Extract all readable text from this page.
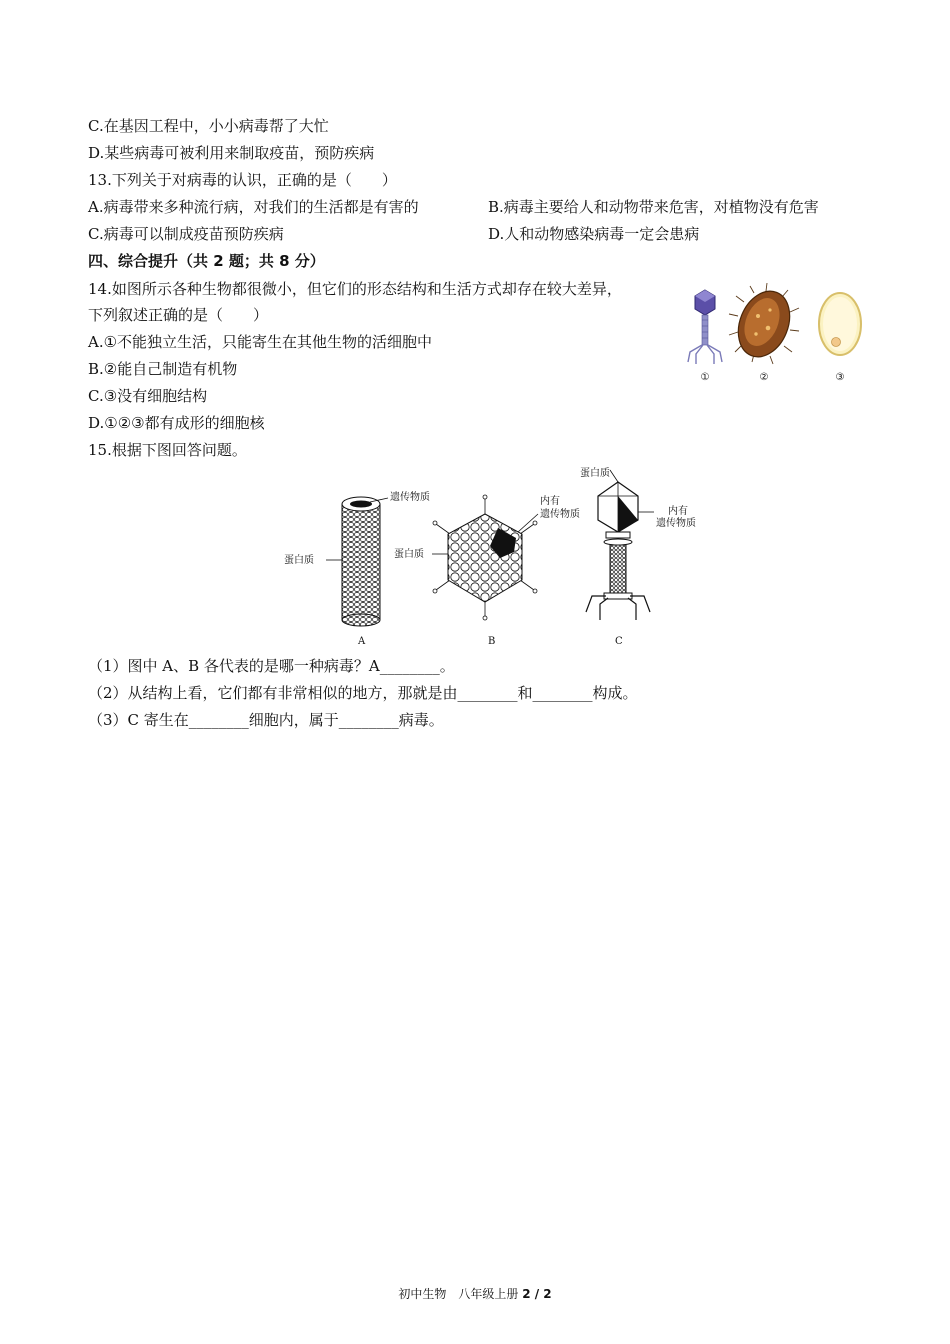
C.在基因工程中，小小病毒帮了大忙
D.某些病毒可被利用来制取疫苗，预防疾病
13.下列关于对病毒的认识，正确的是（　　）
A.病毒带来多种流行病，对我们的生活都是有害的	B.病毒主要给人和动物带来危害，对植物没有危害
C.病毒可以制成疫苗预防疾病	D.人和动物感染病毒一定会患病
四、综合提升（共 2 题；共 8 分）
14.如图所示各种生物都很微小，但它们的形态结构和生活方式却存在较大差异，
下列叙述正确的是（　　）
A.①不能独立生活，只能寄生在其他生物的活细胞中
B.②能自己制造有机物
C.③没有细胞结构
D.①②③都有成形的细胞核
①	②	③
15.根据下图回答问题。
遗传物质
蛋白质
A
内有
遗传物质
蛋白质
B
蛋白质
内有
遗传物质
C
（1）图中 A、B 各代表的是哪一种病毒？A________。
（2）从结构上看，它们都有非常相似的地方，那就是由________和________构成。
（3）C 寄生在________细胞内，属于________病毒。
初中生物　八年级上册 2 / 2
